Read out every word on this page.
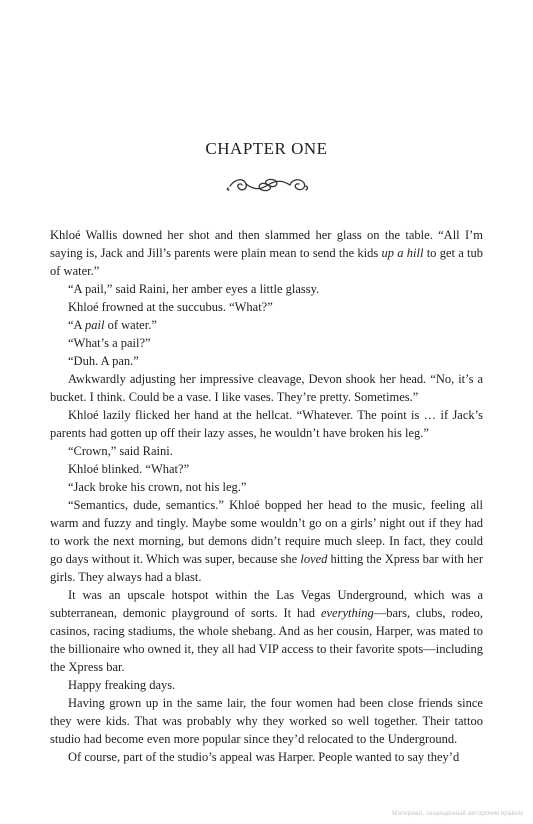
CHAPTER ONE

Khloé Wallis downed her shot and then slammed her glass on the table. “All I’m saying is, Jack and Jill’s parents were plain mean to send the kids up a hill to get a tub of water.”

“A pail,” said Raini, her amber eyes a little glassy.

Khloé frowned at the succubus. “What?”

“A pail of water.”

“What’s a pail?”

“Duh. A pan.”

Awkwardly adjusting her impressive cleavage, Devon shook her head. “No, it’s a bucket. I think. Could be a vase. I like vases. They’re pretty. Sometimes.”

Khloé lazily flicked her hand at the hellcat. “Whatever. The point is … if Jack’s parents had gotten up off their lazy asses, he wouldn’t have broken his leg.”

“Crown,” said Raini.

Khloé blinked. “What?”

“Jack broke his crown, not his leg.”

“Semantics, dude, semantics.” Khloé bopped her head to the music, feeling all warm and fuzzy and tingly. Maybe some wouldn’t go on a girls’ night out if they had to work the next morning, but demons didn’t require much sleep. In fact, they could go days without it. Which was super, because she loved hitting the Xpress bar with her girls. They always had a blast.

It was an upscale hotspot within the Las Vegas Underground, which was a subterranean, demonic playground of sorts. It had everything—bars, clubs, rodeo, casinos, racing stadiums, the whole shebang. And as her cousin, Harper, was mated to the billionaire who owned it, they all had VIP access to their favorite spots—including the Xpress bar.

Happy freaking days.

Having grown up in the same lair, the four women had been close friends since they were kids. That was probably why they worked so well together. Their tattoo studio had become even more popular since they’d relocated to the Underground.

Of course, part of the studio’s appeal was Harper. People wanted to say they’d

Материал, защищённый авторским правом
